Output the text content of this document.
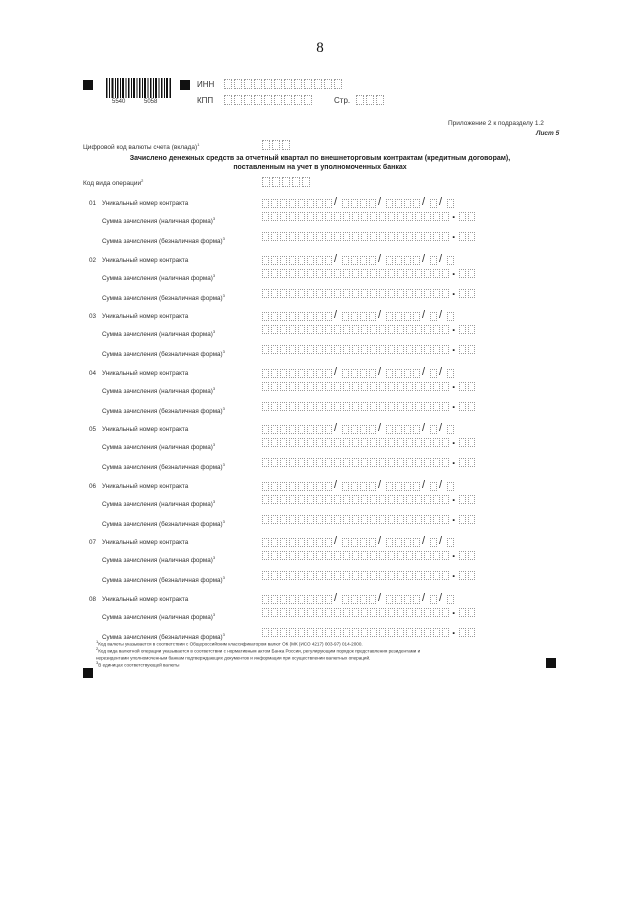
8
5540	5058
ИНН
КПП	Стр.
Приложение 2 к подразделу 1.2
Лист 5
Цифровой код валюты счета (вклада)$^1$
Зачислено денежных средств за отчетный квартал по внешнеторговым контрактам (кредитным договорам),
поставленным на учет в уполномоченных банках
Код вида операции$^2$
01 Уникальный номер контракта
/
/
/
/
Сумма зачисления (наличная форма)$^3$
.
Сумма зачисления (безналичная форма)$^3$
.
02 Уникальный номер контракта
/
/
/
/
Сумма зачисления (наличная форма)$^3$
.
Сумма зачисления (безналичная форма)$^3$
.
03 Уникальный номер контракта
/
/
/
/
Сумма зачисления (наличная форма)$^3$
.
Сумма зачисления (безналичная форма)$^3$
.
04 Уникальный номер контракта
/
/
/
/
Сумма зачисления (наличная форма)$^3$
.
Сумма зачисления (безналичная форма)$^3$
.
05 Уникальный номер контракта
/
/
/
/
Сумма зачисления (наличная форма)$^3$
.
Сумма зачисления (безналичная форма)$^3$
.
06 Уникальный номер контракта
/
/
/
/
Сумма зачисления (наличная форма)$^3$
.
Сумма зачисления (безналичная форма)$^3$
.
07 Уникальный номер контракта
/
/
/
/
Сумма зачисления (наличная форма)$^3$
.
Сумма зачисления (безналичная форма)$^3$
.
08 Уникальный номер контракта
/
/
/
/
Сумма зачисления (наличная форма)$^3$
.
Сумма зачисления (безналичная форма)$^3$
.
$^1$Код валюты указывается в соответствии с Общероссийским классификатором валют ОК (МК (ИСО 4217) 003-97) 014-2000.
$^2$Код вида валютной операции указывается в соответствии с нормативным актом Банка России, регулирующим порядок представления резидентами и
нерезидентами уполномоченным банкам подтверждающих документов и информации при осуществлении валютных операций.
$^3$В единицах соответствующей валюты
